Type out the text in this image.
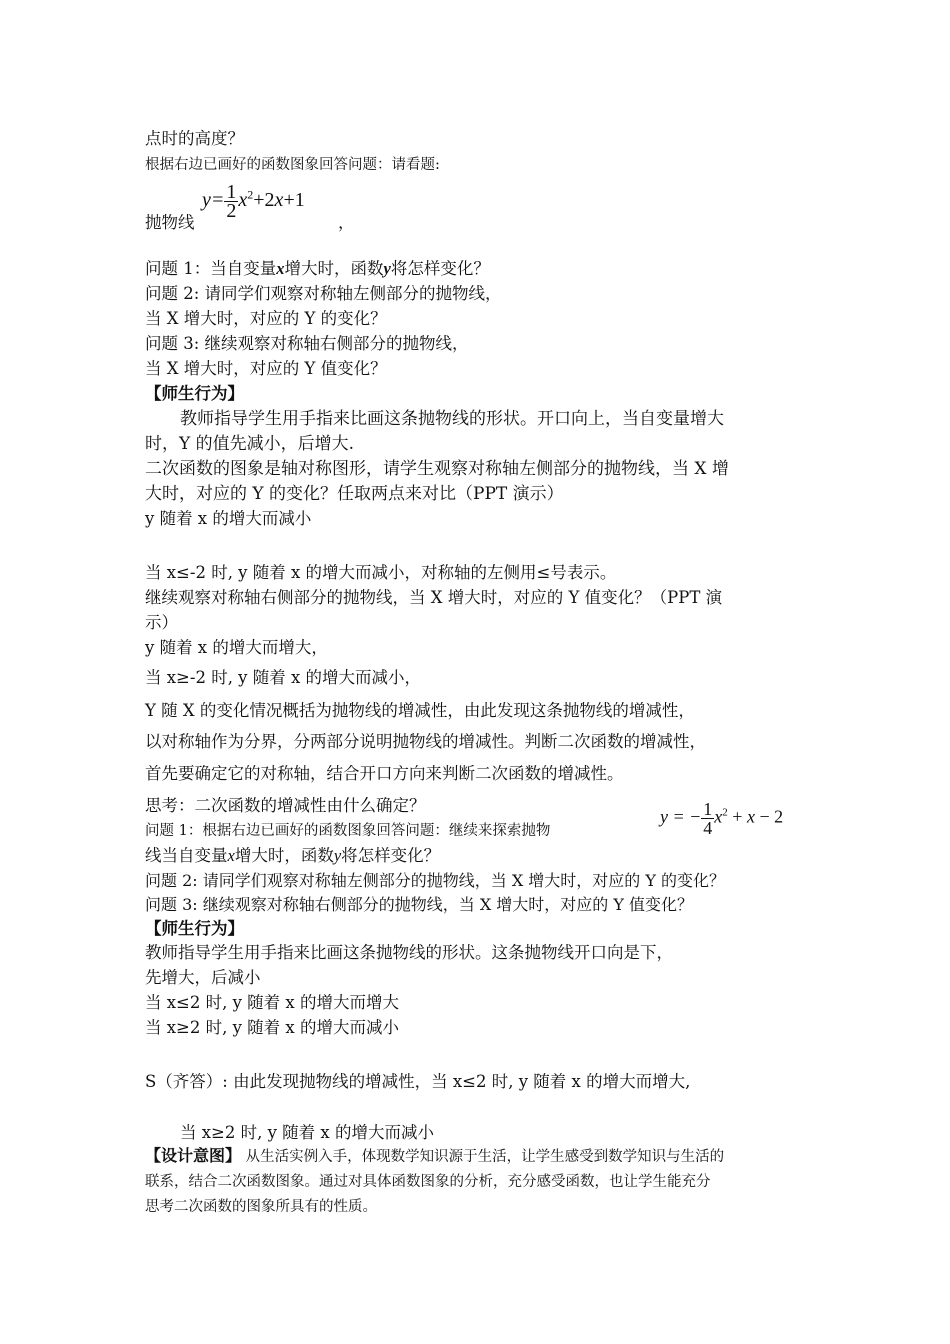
点时的高度？
根据右边已画好的函数图象回答问题：请看题:
抛物线
$y= \frac{1}{2} x^2+2x+1$
，
问题 1：当自变量x增大时，函数y将怎样变化？
问题 2: 请同学们观察对称轴左侧部分的抛物线，
当 X 增大时，对应的 Y 的变化？
问题 3: 继续观察对称轴右侧部分的抛物线，
当 X 增大时，对应的 Y 值变化？
【师生行为】
教师指导学生用手指来比画这条抛物线的形状。开口向上，当自变量增大
时，Y 的值先减小，后增大.
二次函数的图象是轴对称图形，请学生观察对称轴左侧部分的抛物线，当 X 增
大时，对应的 Y 的变化？任取两点来对比（PPT 演示）
y 随着 x 的增大而减小
当 x≤-2 时, y 随着 x 的增大而减小，对称轴的左侧用≤号表示。
继续观察对称轴右侧部分的抛物线，当 X 增大时，对应的 Y 值变化？（PPT 演
示）
y 随着 x 的增大而增大，
当 x≥-2 时, y 随着 x 的增大而减小，
Y 随 X 的变化情况概括为抛物线的增减性，由此发现这条抛物线的增减性，
以对称轴作为分界，分两部分说明抛物线的增减性。判断二次函数的增减性，
首先要确定它的对称轴，结合开口方向来判断二次函数的增减性。
思考：二次函数的增减性由什么确定？
问题 1：根据右边已画好的函数图象回答问题：继续来探索抛物
y = − $\frac{1}{4} x^2 + x - 2$
线当自变量x增大时，函数y将怎样变化？
问题 2: 请同学们观察对称轴左侧部分的抛物线，当 X 增大时，对应的 Y 的变化？
问题 3: 继续观察对称轴右侧部分的抛物线，当 X 增大时，对应的 Y 值变化？
【师生行为】
教师指导学生用手指来比画这条抛物线的形状。这条抛物线开口向是下，
先增大，后减小
当 x≤2 时, y 随着 x 的增大而增大
当 x≥2 时, y 随着 x 的增大而减小
S（齐答）: 由此发现抛物线的增减性，当 x≤2 时, y 随着 x 的增大而增大,
当 x≥2 时, y 随着 x 的增大而减小
【设计意图】 从生活实例入手，体现数学知识源于生活，让学生感受到数学知识与生活的
联系，结合二次函数图象。通过对具体函数图象的分析，充分感受函数，也让学生能充分
思考二次函数的图象所具有的性质。
